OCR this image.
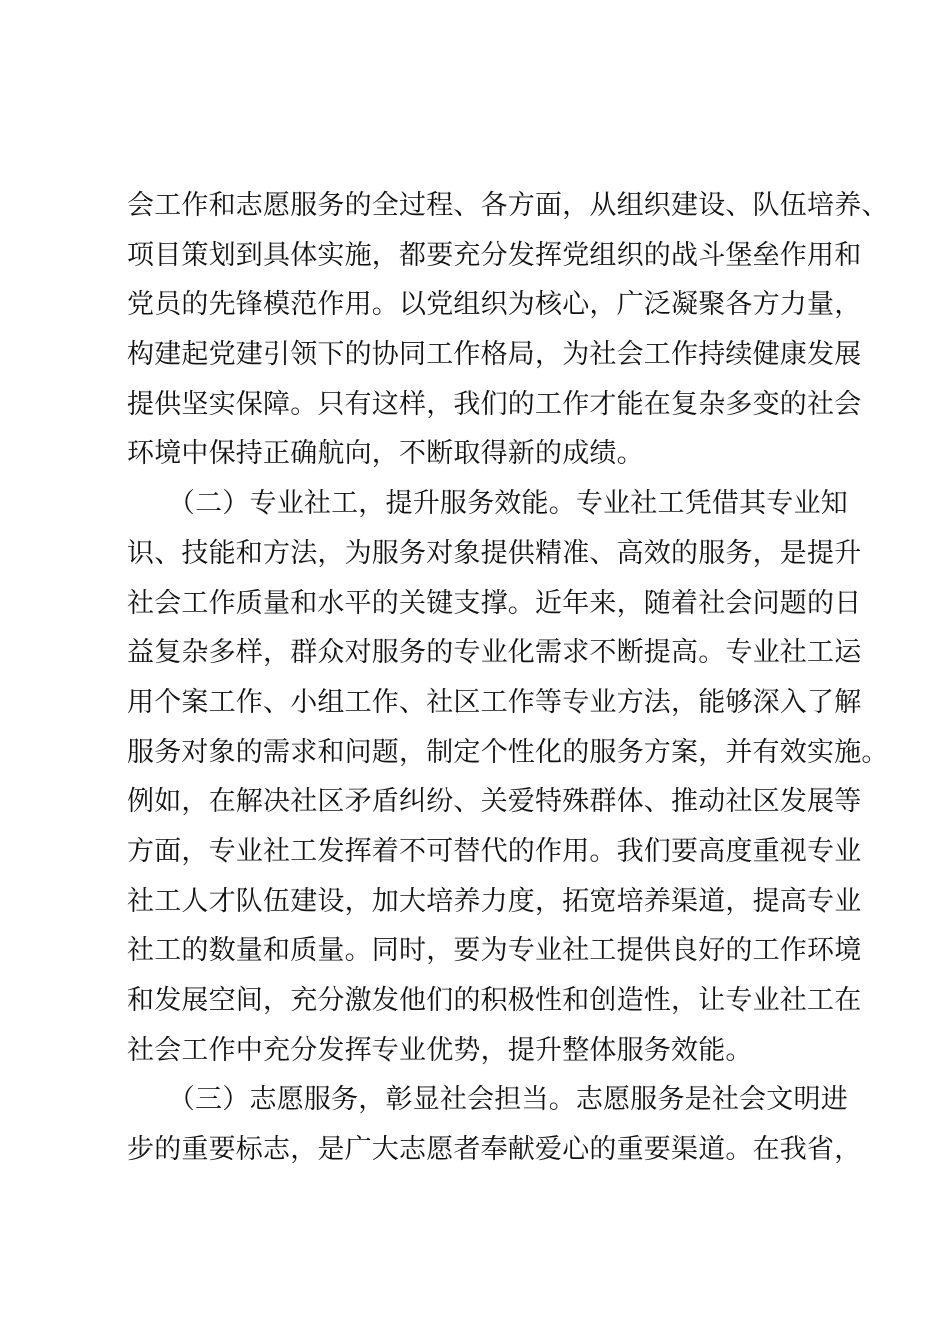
会工作和志愿服务的全过程、各方面，从组织建设、队伍培养、
项目策划到具体实施，都要充分发挥党组织的战斗堡垒作用和
党员的先锋模范作用。以党组织为核心，广泛凝聚各方力量，
构建起党建引领下的协同工作格局，为社会工作持续健康发展
提供坚实保障。只有这样，我们的工作才能在复杂多变的社会
环境中保持正确航向，不断取得新的成绩。
　　（二）专业社工，提升服务效能。专业社工凭借其专业知
识、技能和方法，为服务对象提供精准、高效的服务，是提升
社会工作质量和水平的关键支撑。近年来，随着社会问题的日
益复杂多样，群众对服务的专业化需求不断提高。专业社工运
用个案工作、小组工作、社区工作等专业方法，能够深入了解
服务对象的需求和问题，制定个性化的服务方案，并有效实施。
例如，在解决社区矛盾纠纷、关爱特殊群体、推动社区发展等
方面，专业社工发挥着不可替代的作用。我们要高度重视专业
社工人才队伍建设，加大培养力度，拓宽培养渠道，提高专业
社工的数量和质量。同时，要为专业社工提供良好的工作环境
和发展空间，充分激发他们的积极性和创造性，让专业社工在
社会工作中充分发挥专业优势，提升整体服务效能。
　　（三）志愿服务，彰显社会担当。志愿服务是社会文明进
步的重要标志，是广大志愿者奉献爱心的重要渠道。在我省，
